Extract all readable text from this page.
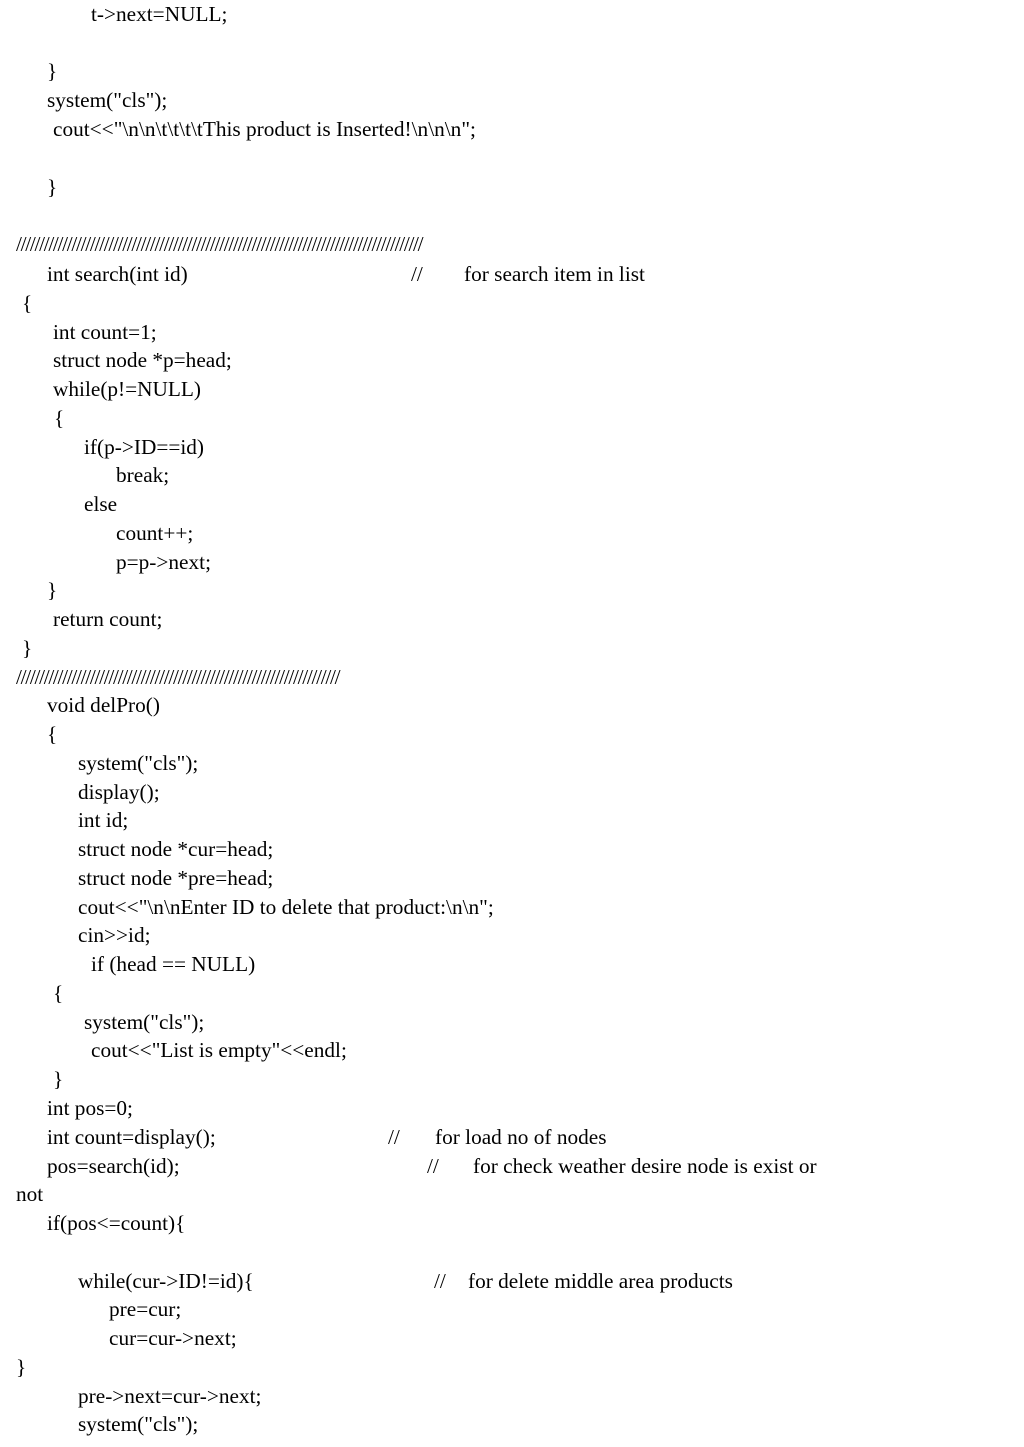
t->next=NULL;
}
system("cls");
cout<<"\n\n\t\t\t\tThis product is Inserted!\n\n\n";
}
////////////////////////////////////////////////////////////////////////////////////////
int search(int id)	// for search item in list
{
int count=1;
struct node *p=head;
while(p!=NULL)
{
if(p->ID==id)
break;
else
count++;
p=p->next;
}
return count;
}
//////////////////////////////////////////////////////////////////////
void delPro()
{
system("cls");
display();
int id;
struct node *cur=head;
struct node *pre=head;
cout<<"\n\nEnter ID to delete that product:\n\n";
cin>>id;
if (head == NULL)
{
system("cls");
cout<<"List is empty"<<endl;
}
int pos=0;
int count=display();	// for load no of nodes
pos=search(id);	// for check weather desire node is exist or
not
if(pos<=count){
while(cur->ID!=id){	// for delete middle area products
pre=cur;
cur=cur->next;
}
pre->next=cur->next;
system("cls");
